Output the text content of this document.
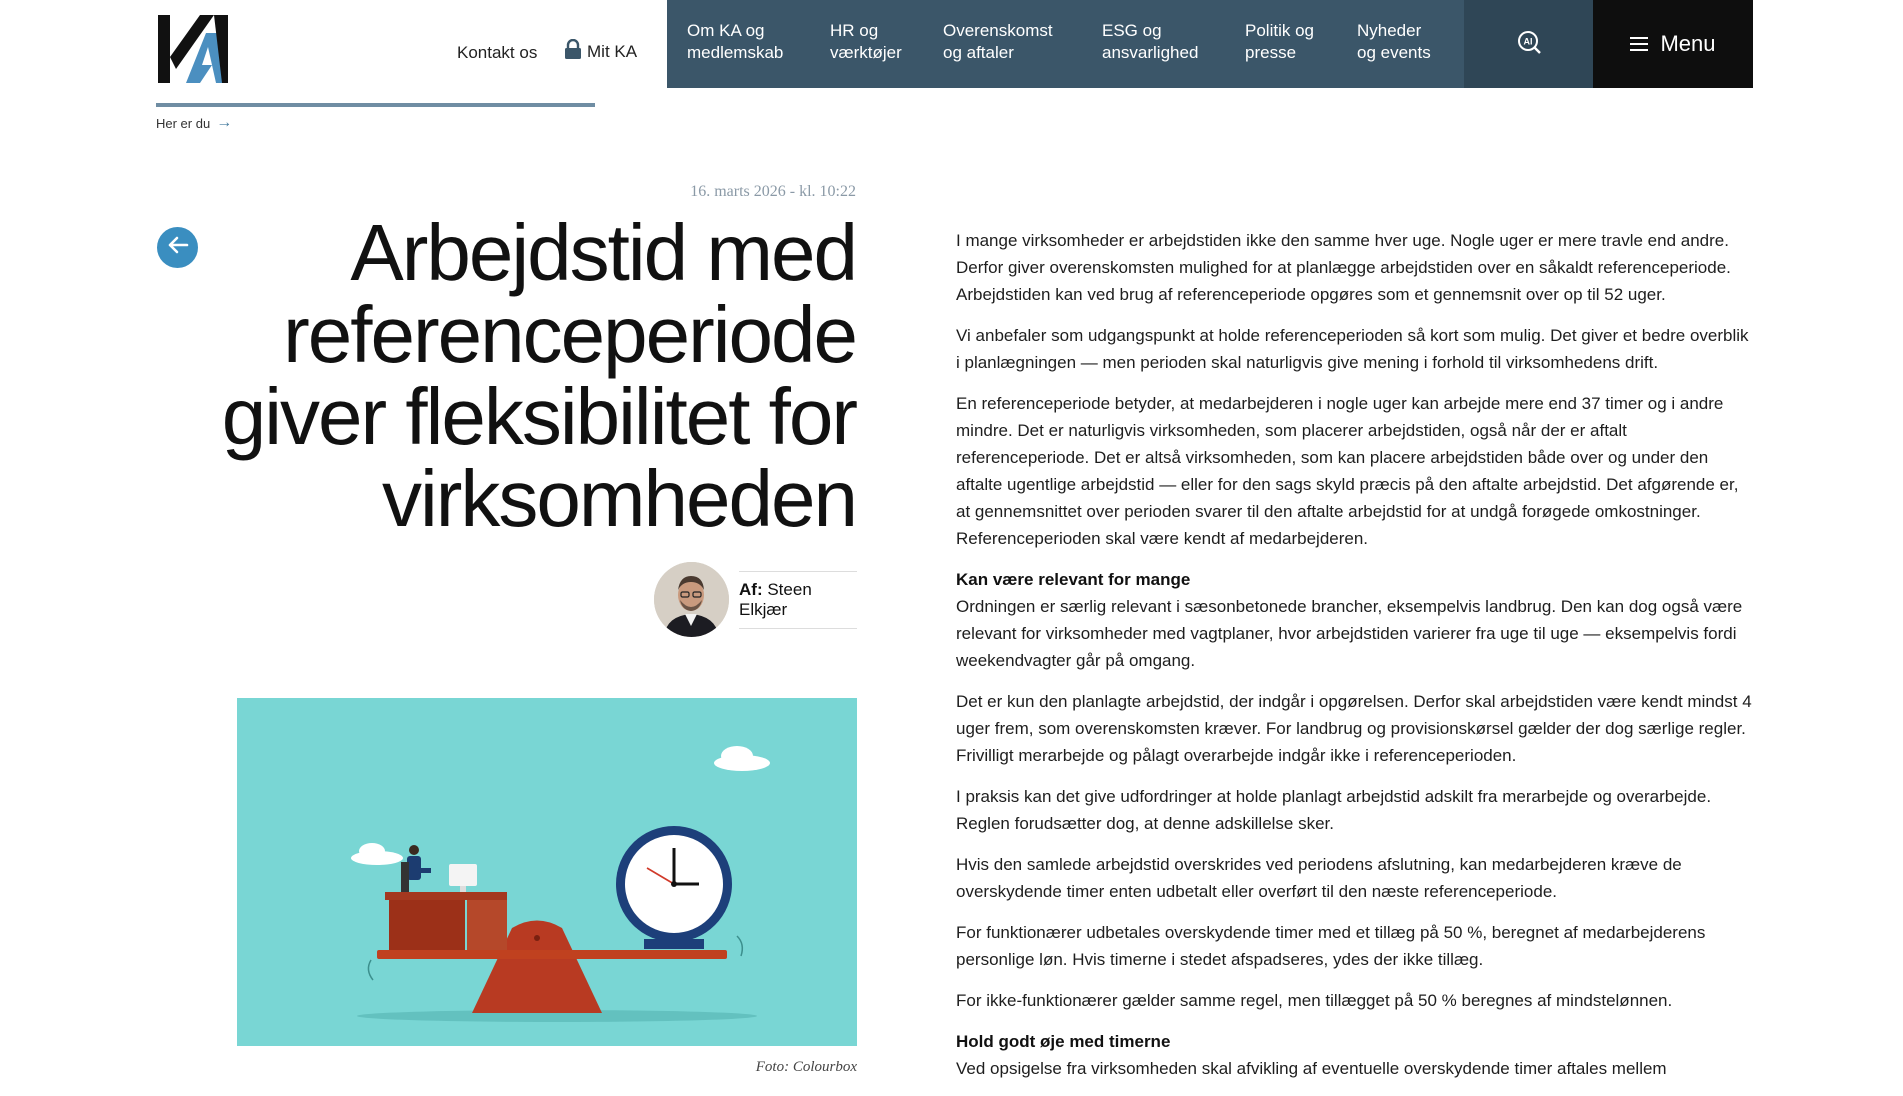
Her er du →
Kontakt os	Mit KA
Om KA og
medlemskab
HR og
værktøjer
Overenskomst
og aftaler
ESG og
ansvarlighed
Politik og
presse
Nyheder
og events
AI	Menu
16. marts 2026 - kl. 10:22
Arbejdstid med referenceperiode giver fleksibilitet for virksomheden
Af: Steen Elkjær
Foto: Colourbox

I mange virksomheder er arbejdstiden ikke den samme hver uge. Nogle uger er mere travle end andre. Derfor giver overenskomsten mulighed for at planlægge arbejdstiden over en såkaldt referenceperiode. Arbejdstiden kan ved brug af referenceperiode opgøres som et gennemsnit over op til 52 uger.

Vi anbefaler som udgangspunkt at holde referenceperioden så kort som mulig. Det giver et bedre overblik i planlægningen — men perioden skal naturligvis give mening i forhold til virksomhedens drift.

En referenceperiode betyder, at medarbejderen i nogle uger kan arbejde mere end 37 timer og i andre mindre. Det er naturligvis virksomheden, som placerer arbejdstiden, også når der er aftalt referenceperiode. Det er altså virksomheden, som kan placere arbejdstiden både over og under den aftalte ugentlige arbejdstid — eller for den sags skyld præcis på den aftalte arbejdstid. Det afgørende er, at gennemsnittet over perioden svarer til den aftalte arbejdstid for at undgå forøgede omkostninger. Referenceperioden skal være kendt af medarbejderen.

Kan være relevant for mange

Ordningen er særlig relevant i sæsonbetonede brancher, eksempelvis landbrug. Den kan dog også være relevant for virksomheder med vagtplaner, hvor arbejdstiden varierer fra uge til uge — eksempelvis fordi weekendvagter går på omgang.

Det er kun den planlagte arbejdstid, der indgår i opgørelsen. Derfor skal arbejdstiden være kendt mindst 4 uger frem, som overenskomsten kræver. For landbrug og provisionskørsel gælder der dog særlige regler. Frivilligt merarbejde og pålagt overarbejde indgår ikke i referenceperioden.

I praksis kan det give udfordringer at holde planlagt arbejdstid adskilt fra merarbejde og overarbejde. Reglen forudsætter dog, at denne adskillelse sker.

Hvis den samlede arbejdstid overskrides ved periodens afslutning, kan medarbejderen kræve de overskydende timer enten udbetalt eller overført til den næste referenceperiode.

For funktionærer udbetales overskydende timer med et tillæg på 50 %, beregnet af medarbejderens personlige løn. Hvis timerne i stedet afspadseres, ydes der ikke tillæg.

For ikke-funktionærer gælder samme regel, men tillægget på 50 % beregnes af mindstelønnen.

Hold godt øje med timerne

Ved opsigelse fra virksomheden skal afvikling af eventuelle overskydende timer aftales mellem
